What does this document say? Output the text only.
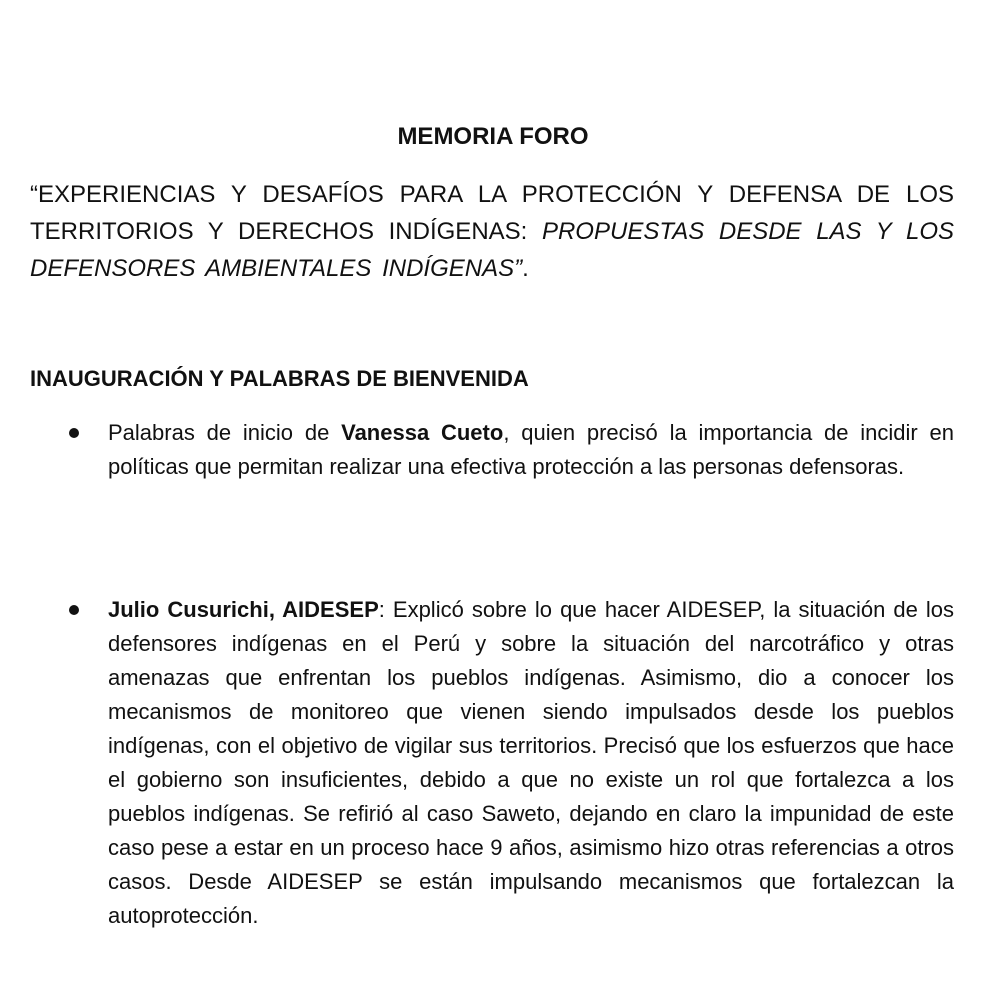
MEMORIA FORO

“EXPERIENCIAS Y DESAFÍOS PARA LA PROTECCIÓN Y DEFENSA DE LOS TERRITORIOS Y DERECHOS INDÍGENAS: PROPUESTAS DESDE LAS Y LOS DEFENSORES AMBIENTALES INDÍGENAS”.

INAUGURACIÓN Y PALABRAS DE BIENVENIDA
Palabras de inicio de Vanessa Cueto, quien precisó la importancia de incidir en políticas que permitan realizar una efectiva protección a las personas defensoras.
Julio Cusurichi, AIDESEP: Explicó sobre lo que hacer AIDESEP, la situación de los defensores indígenas en el Perú y sobre la situación del narcotráfico y otras amenazas que enfrentan los pueblos indígenas. Asimismo, dio a conocer los mecanismos de monitoreo que vienen siendo impulsados desde los pueblos indígenas, con el objetivo de vigilar sus territorios. Precisó que los esfuerzos que hace el gobierno son insuficientes, debido a que no existe un rol que fortalezca a los pueblos indígenas. Se refirió al caso Saweto, dejando en claro la impunidad de este caso pese a estar en un proceso hace 9 años, asimismo hizo otras referencias a otros casos. Desde AIDESEP se están impulsando mecanismos que fortalezcan la autoprotección.
